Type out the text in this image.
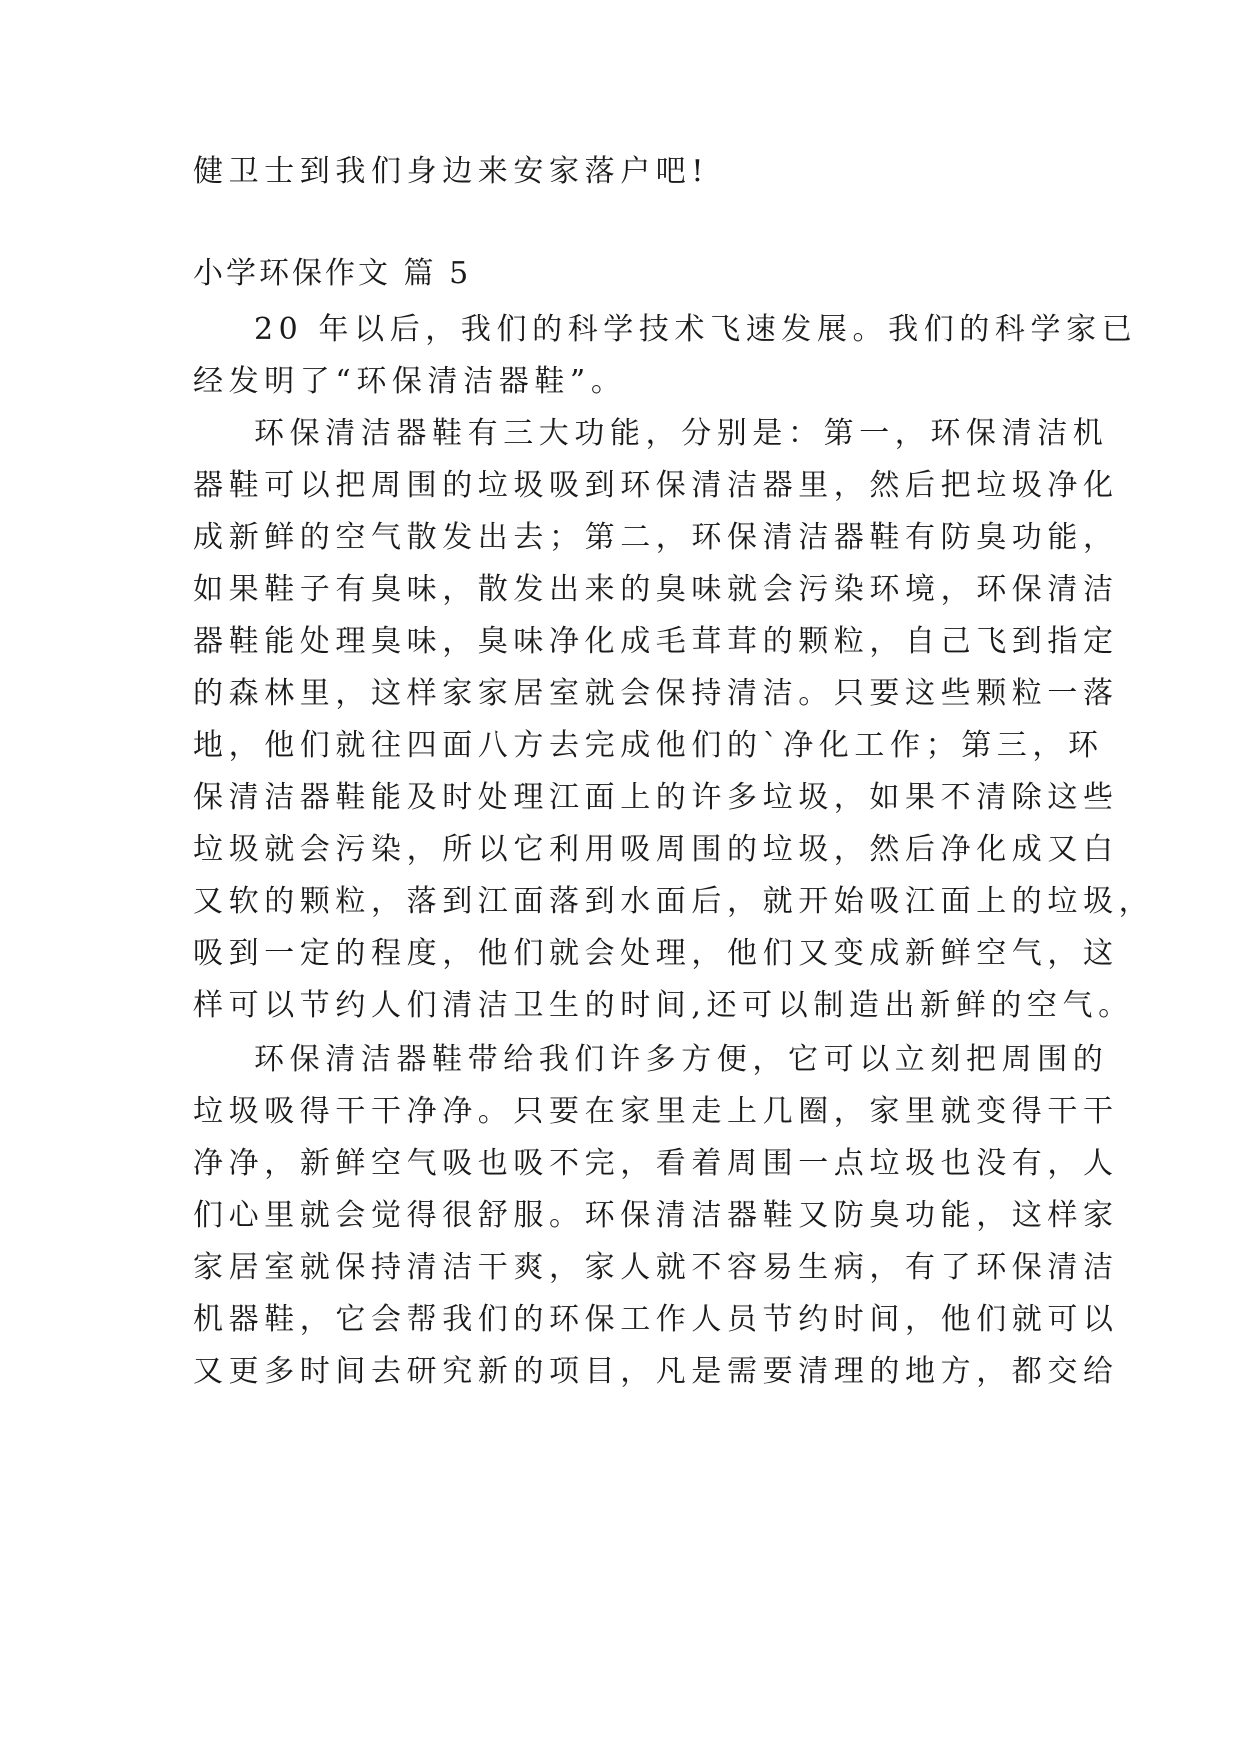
健卫士到我们身边来安家落户吧!
小学环保作文 篇 5
20 年以后，我们的科学技术飞速发展。我们的科学家已
经发明了“环保清洁器鞋”。
环保清洁器鞋有三大功能，分别是：第一，环保清洁机
器鞋可以把周围的垃圾吸到环保清洁器里，然后把垃圾净化
成新鲜的空气散发出去；第二，环保清洁器鞋有防臭功能，
如果鞋子有臭味，散发出来的臭味就会污染环境，环保清洁
器鞋能处理臭味，臭味净化成毛茸茸的颗粒，自己飞到指定
的森林里，这样家家居室就会保持清洁。只要这些颗粒一落
地，他们就往四面八方去完成他们的`净化工作；第三，环
保清洁器鞋能及时处理江面上的许多垃圾，如果不清除这些
垃圾就会污染，所以它利用吸周围的垃圾，然后净化成又白
又软的颗粒，落到江面落到水面后，就开始吸江面上的垃圾，
吸到一定的程度，他们就会处理，他们又变成新鲜空气，这
样可以节约人们清洁卫生的时间,还可以制造出新鲜的空气。
环保清洁器鞋带给我们许多方便，它可以立刻把周围的
垃圾吸得干干净净。只要在家里走上几圈，家里就变得干干
净净，新鲜空气吸也吸不完，看着周围一点垃圾也没有，人
们心里就会觉得很舒服。环保清洁器鞋又防臭功能，这样家
家居室就保持清洁干爽，家人就不容易生病，有了环保清洁
机器鞋，它会帮我们的环保工作人员节约时间，他们就可以
又更多时间去研究新的项目，凡是需要清理的地方，都交给
